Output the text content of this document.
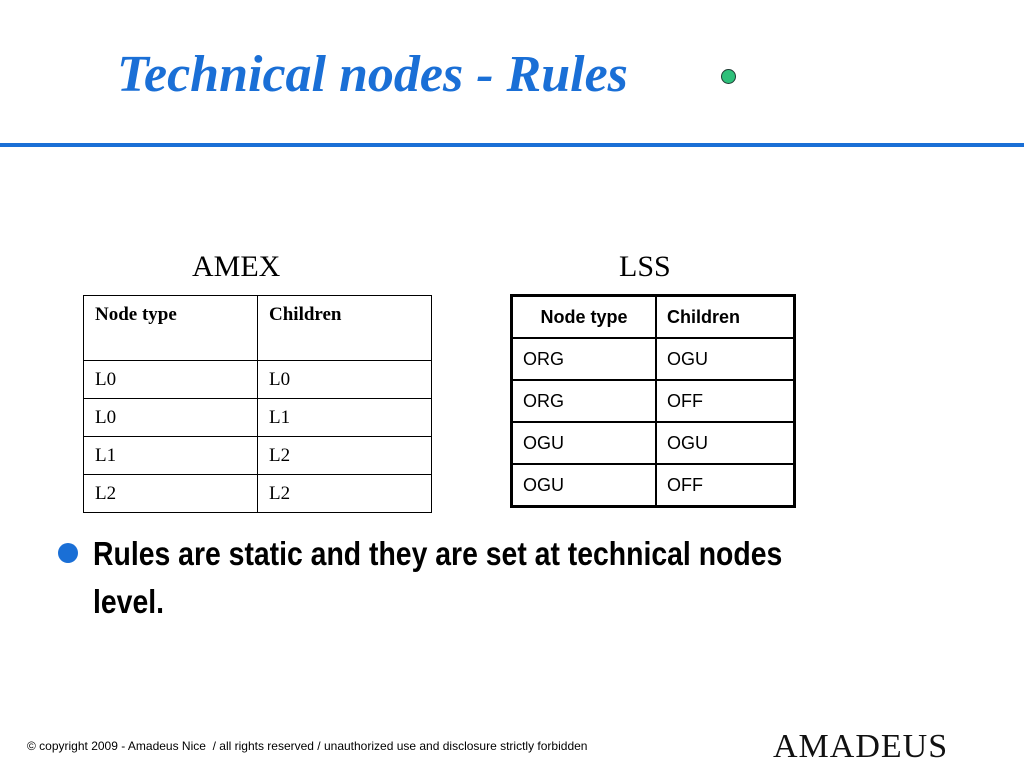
Technical nodes - Rules
AMEX	LSS
Node type	Children
L0	L0
L0	L1
L1	L2
L2	L2
Node type	Children
ORG	OGU
ORG	OFF
OGU	OGU
OGU	OFF
Rules are static and they are set at technical nodes level.
© copyright 2009 - Amadeus Nice  / all rights reserved / unauthorized use and disclosure strictly forbidden	amadeus
